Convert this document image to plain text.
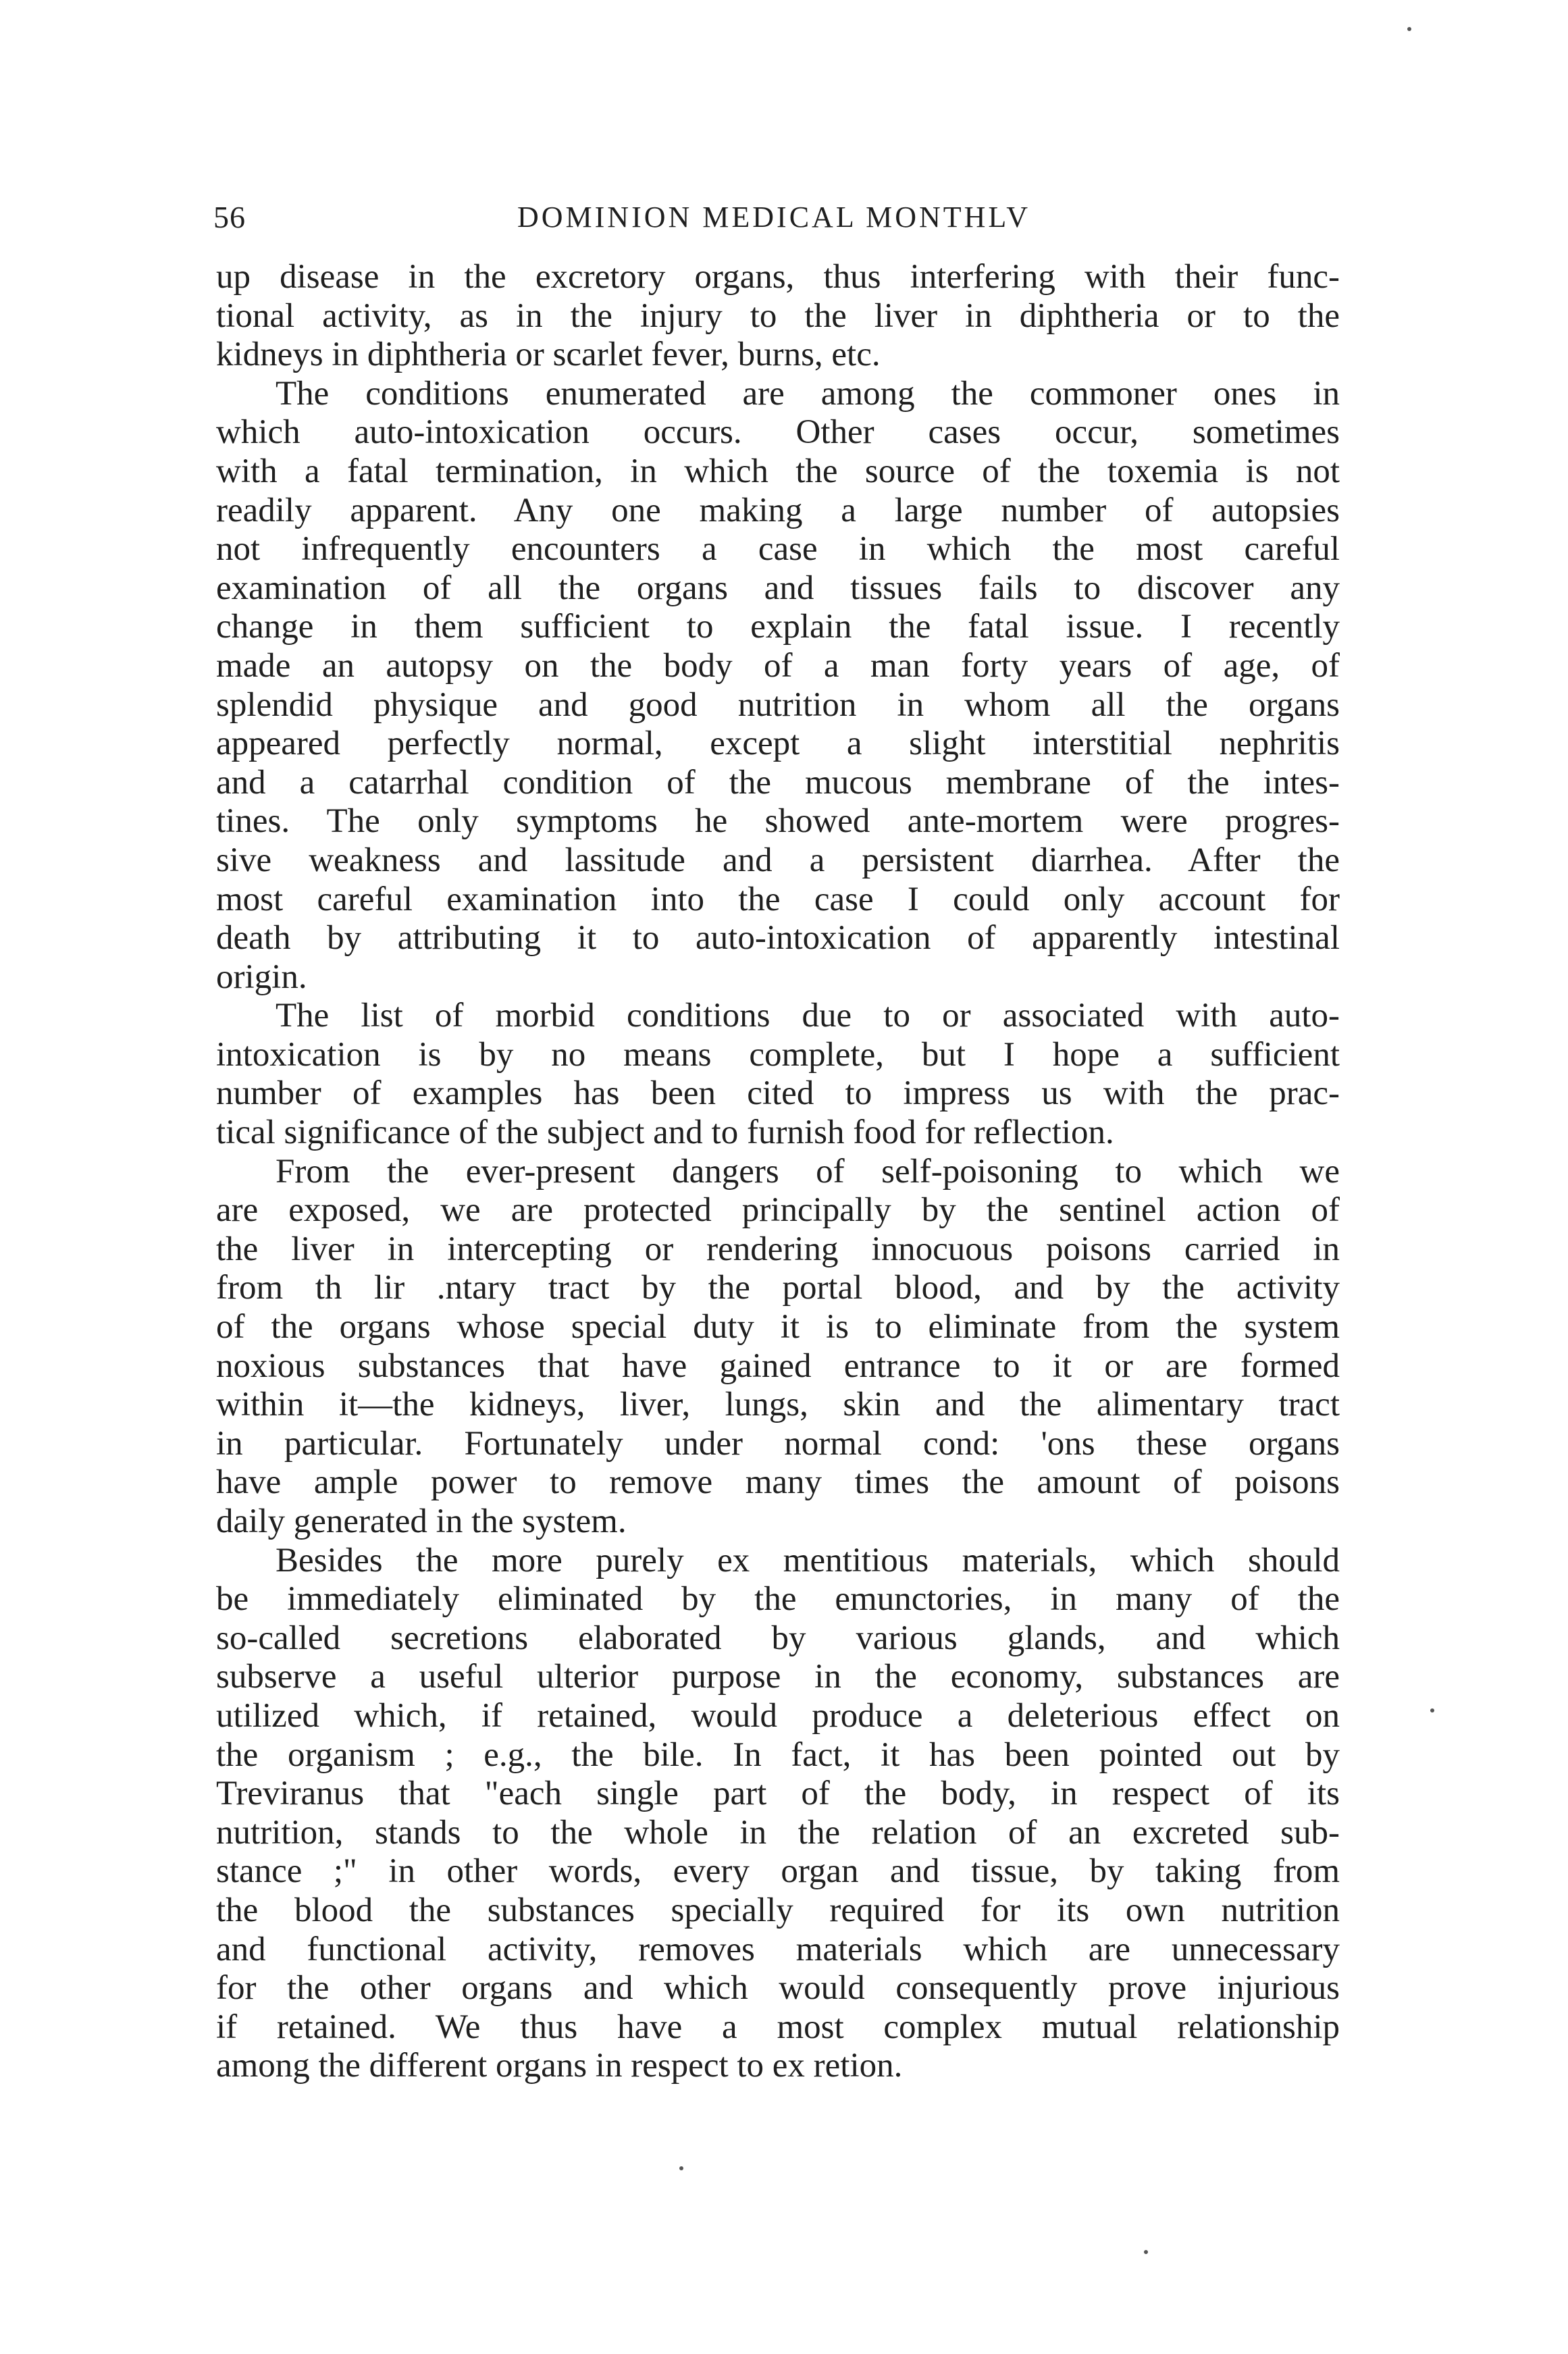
56	DOMINION MEDICAL MONTHLV
up disease in the excretory organs, thus interfering with their func-
tional activity, as in the injury to the liver in diphtheria or to the
kidneys in diphtheria or scarlet fever, burns, etc.
The conditions enumerated are among the commoner ones in
which auto-intoxication occurs. Other cases occur, sometimes
with a fatal termination, in which the source of the toxemia is not
readily apparent. Any one making a large number of autopsies
not infrequently encounters a case in which the most careful
examination of all the organs and tissues fails to discover any
change in them sufficient to explain the fatal issue. I recently
made an autopsy on the body of a man forty years of age, of
splendid physique and good nutrition in whom all the organs
appeared perfectly normal, except a slight interstitial nephritis
and a catarrhal condition of the mucous membrane of the intes-
tines. The only symptoms he showed ante-mortem were progres-
sive weakness and lassitude and a persistent diarrhea. After the
most careful examination into the case I could only account for
death by attributing it to auto-intoxication of apparently intestinal
origin.
The list of morbid conditions due to or associated with auto-
intoxication is by no means complete, but I hope a sufficient
number of examples has been cited to impress us with the prac-
tical significance of the subject and to furnish food for reflection.
From the ever-present dangers of self-poisoning to which we
are exposed, we are protected principally by the sentinel action of
the liver in intercepting or rendering innocuous poisons carried in
from th lir .ntary tract by the portal blood, and by the activity
of the organs whose special duty it is to eliminate from the system
noxious substances that have gained entrance to it or are formed
within it—the kidneys, liver, lungs, skin and the alimentary tract
in particular. Fortunately under normal cond: 'ons these organs
have ample power to remove many times the amount of poisons
daily generated in the system.
Besides the more purely ex mentitious materials, which should
be immediately eliminated by the emunctories, in many of the
so-called secretions elaborated by various glands, and which
subserve a useful ulterior purpose in the economy, substances are
utilized which, if retained, would produce a deleterious effect on
the organism ; e.g., the bile. In fact, it has been pointed out by
Treviranus that "each single part of the body, in respect of its
nutrition, stands to the whole in the relation of an excreted sub-
stance ;" in other words, every organ and tissue, by taking from
the blood the substances specially required for its own nutrition
and functional activity, removes materials which are unnecessary
for the other organs and which would consequently prove injurious
if retained. We thus have a most complex mutual relationship
among the different organs in respect to ex retion.
